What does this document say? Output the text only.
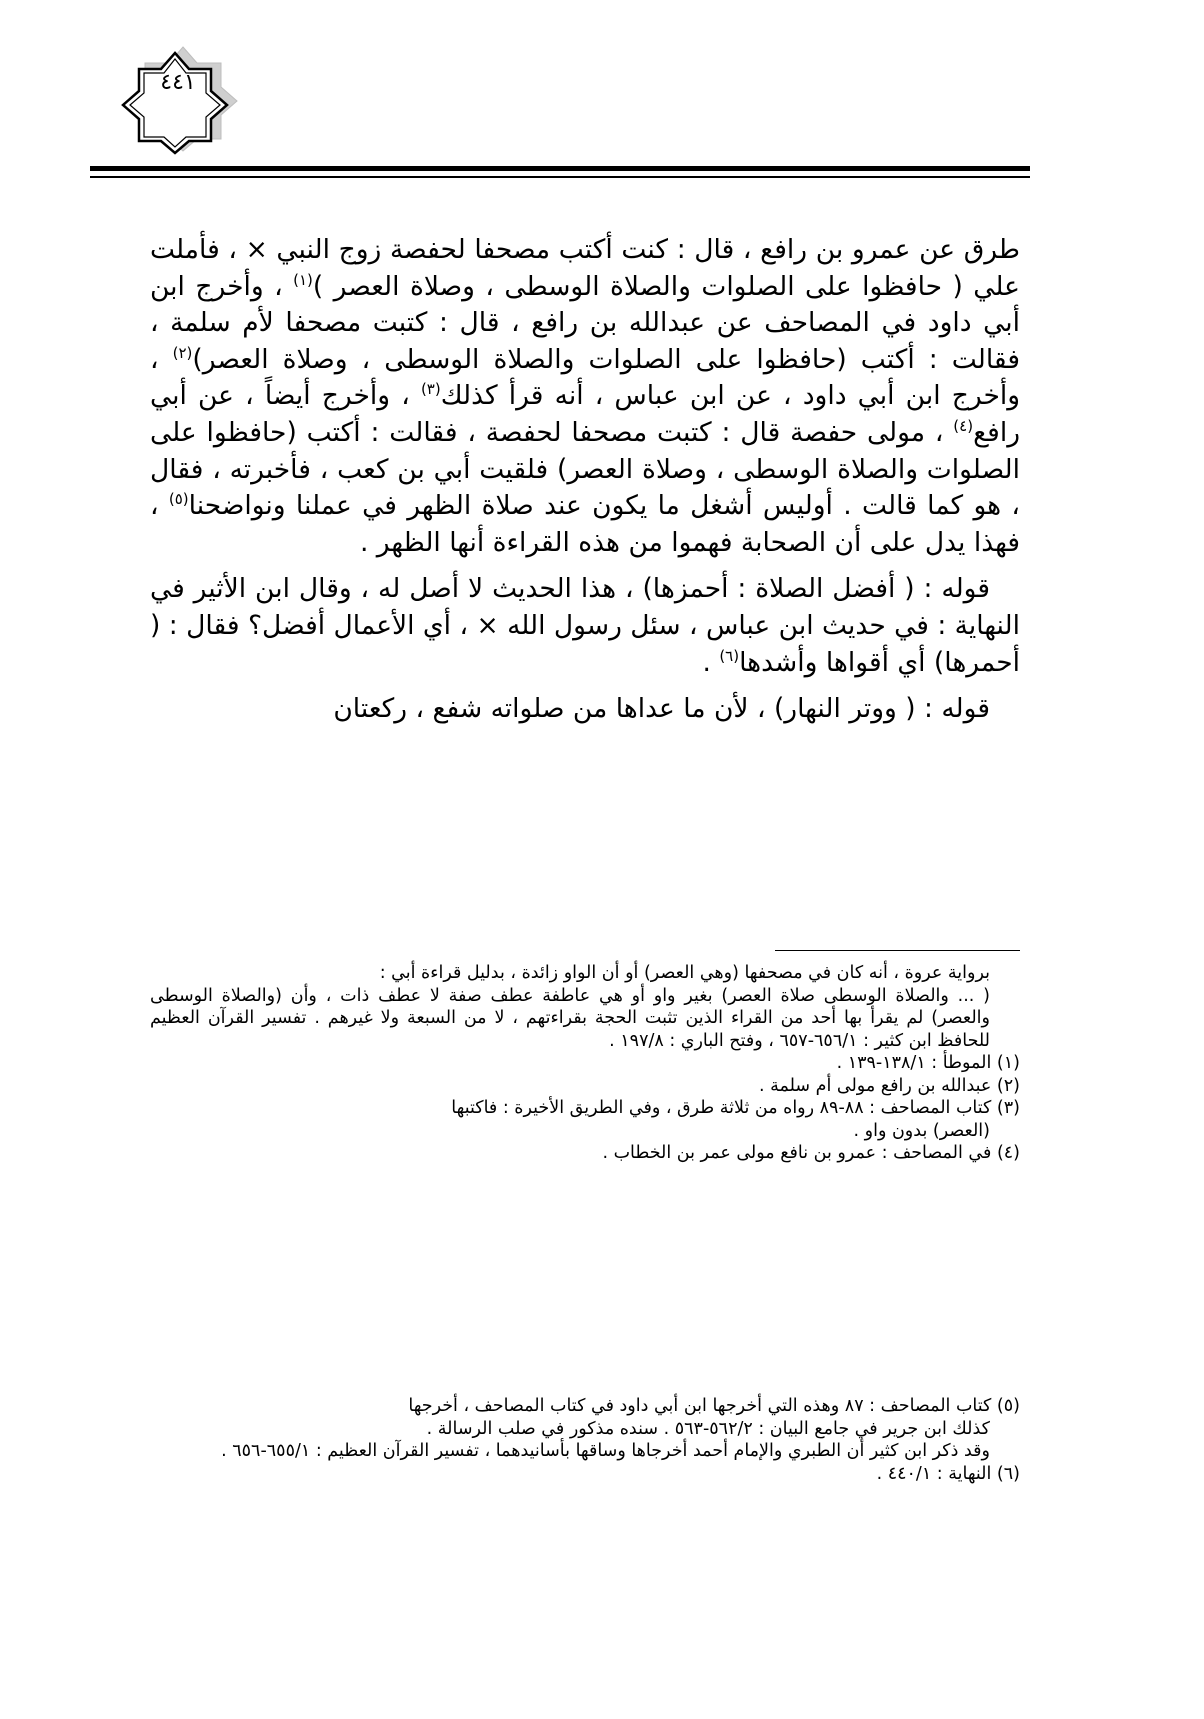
٤٤١

طرق عن عمرو بن رافع ، قال : كنت أكتب مصحفا لحفصة زوج النبي × ، فأملت علي ( حافظوا على الصلوات والصلاة الوسطى ، وصلاة العصر )$^{(١)}$ ، وأخرج ابن أبي داود في المصاحف عن عبدالله بن رافع ، قال : كتبت مصحفا لأم سلمة ، فقالت : أكتب (حافظوا على الصلوات والصلاة الوسطى ، وصلاة العصر)$^{(٢)}$ ، وأخرج ابن أبي داود ، عن ابن عباس ، أنه قرأ كذلك$^{(٣)}$ ، وأخرج أيضاً ، عن أبي رافع$^{(٤)}$ ، مولى حفصة قال : كتبت مصحفا لحفصة ، فقالت : أكتب (حافظوا على الصلوات والصلاة الوسطى ، وصلاة العصر) فلقيت أبي بن كعب ، فأخبرته ، فقال ، هو كما قالت . أوليس أشغل ما يكون عند صلاة الظهر في عملنا ونواضحنا$^{(٥)}$ ، فهذا يدل على أن الصحابة فهموا من هذه القراءة أنها الظهر .

قوله : ( أفضل الصلاة : أحمزها) ، هذا الحديث لا أصل له ، وقال ابن الأثير في النهاية : في حديث ابن عباس ، سئل رسول الله × ، أي الأعمال أفضل؟ فقال : ( أحمرها) أي أقواها وأشدها$^{(٦)}$ .

قوله : ( ووتر النهار) ، لأن ما عداها من صلواته شفع ، ركعتان

برواية عروة ، أنه كان في مصحفها (وهي العصر) أو أن الواو زائدة ، بدليل قراءة أبي :

( ... والصلاة الوسطى صلاة العصر) بغير واو أو هي عاطفة عطف صفة لا عطف ذات ، وأن (والصلاة الوسطى والعصر) لم يقرأ بها أحد من القراء الذين تثبت الحجة بقراءتهم ، لا من السبعة ولا غيرهم . تفسير القرآن العظيم للحافظ ابن كثير : ٦٥٦/١-٦٥٧ ، وفتح الباري : ١٩٧/٨ .

(١) الموطأ : ١٣٨/١-١٣٩ .

(٢) عبدالله بن رافع مولى أم سلمة .

(٣) كتاب المصاحف : ٨٨-٨٩ رواه من ثلاثة طرق ، وفي الطريق الأخيرة : فاكتبها

(العصر) بدون واو .

(٤) في المصاحف : عمرو بن نافع مولى عمر بن الخطاب .

(٥) كتاب المصاحف : ٨٧ وهذه التي أخرجها ابن أبي داود في كتاب المصاحف ، أخرجها

كذلك ابن جرير في جامع البيان : ٥٦٢/٢-٥٦٣ . سنده مذكور في صلب الرسالة .

وقد ذكر ابن كثير أن الطبري والإمام أحمد أخرجاها وساقها بأسانيدهما ، تفسير القرآن العظيم : ٦٥٥/١-٦٥٦ .

(٦) النهاية : ٤٤٠/١ .
